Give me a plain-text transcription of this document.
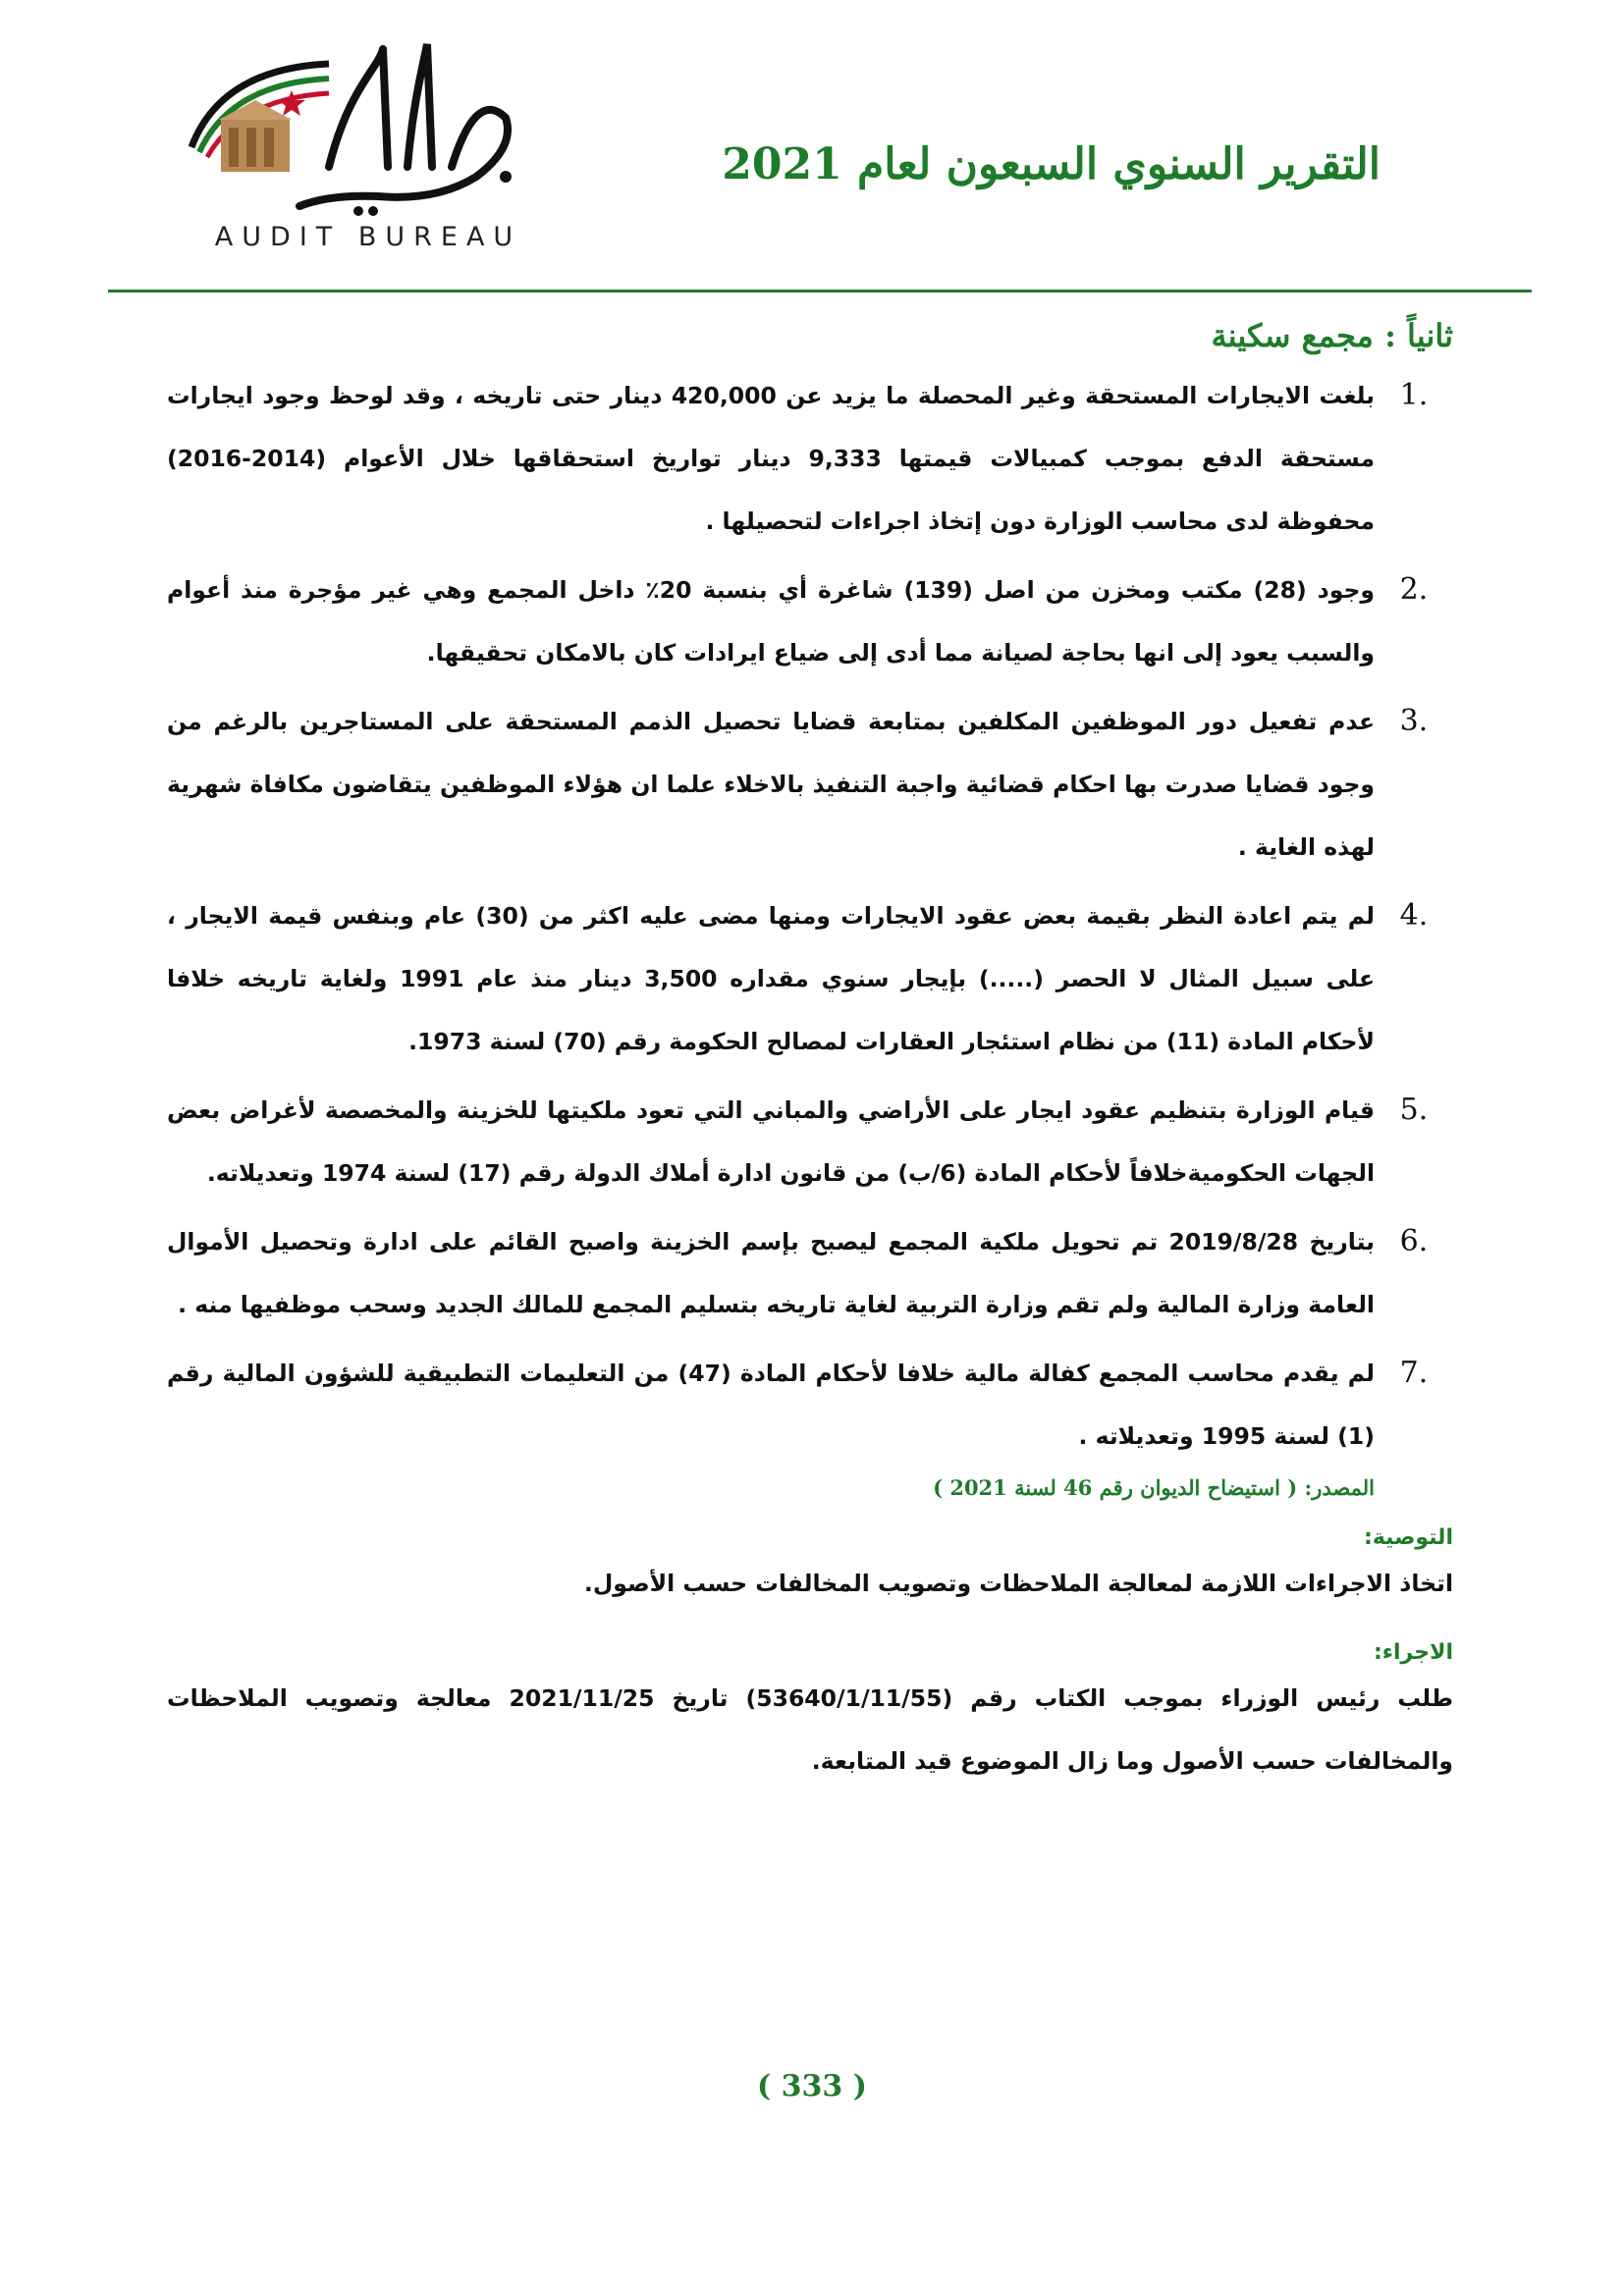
AUDIT BUREAU
التقرير السنوي السبعون لعام 2021
ثانياً : مجمع سكينة
.1
بلغت الايجارات المستحقة وغير المحصلة ما يزيد عن 420,000 دينار حتى تاريخه ، وقد لوحظ وجود ايجارات مستحقة الدفع بموجب كمبيالات قيمتها 9,333 دينار تواريخ استحقاقها خلال الأعوام (2014-2016) محفوظة لدى محاسب الوزارة دون إتخاذ اجراءات لتحصيلها .
.2
وجود (28) مكتب ومخزن من اصل (139) شاغرة أي بنسبة 20٪ داخل المجمع وهي غير مؤجرة منذ أعوام والسبب يعود إلى انها بحاجة لصيانة مما أدى إلى ضياع ايرادات كان بالامكان تحقيقها.
.3
عدم تفعيل دور الموظفين المكلفين بمتابعة قضايا تحصيل الذمم المستحقة على المستاجرين بالرغم من وجود قضايا صدرت بها احكام قضائية واجبة التنفيذ بالاخلاء علما ان هؤلاء الموظفين يتقاضون مكافاة شهرية لهذه الغاية .
.4
لم يتم اعادة النظر بقيمة بعض عقود الايجارات ومنها مضى عليه اكثر من (30) عام وبنفس قيمة الايجار ، على سبيل المثال لا الحصر (.....) بإيجار سنوي مقداره 3,500 دينار منذ عام 1991 ولغاية تاريخه خلافا لأحكام المادة (11) من نظام استئجار العقارات لمصالح الحكومة رقم (70) لسنة 1973.
.5
قيام الوزارة بتنظيم عقود ايجار على الأراضي والمباني التي تعود ملكيتها للخزينة والمخصصة لأغراض بعض الجهات الحكوميةخلافاً لأحكام المادة (6/ب) من قانون ادارة أملاك الدولة رقم (17) لسنة 1974 وتعديلاته.
.6
بتاريخ 2019/8/28 تم تحويل ملكية المجمع ليصبح بإسم الخزينة واصبح القائم على ادارة وتحصيل الأموال العامة وزارة المالية ولم تقم وزارة التربية لغاية تاريخه بتسليم المجمع للمالك الجديد وسحب موظفيها منه .
.7
لم يقدم محاسب المجمع كفالة مالية خلافا لأحكام المادة (47) من التعليمات التطبيقية للشؤون المالية رقم (1) لسنة 1995 وتعديلاته .
المصدر: ( استيضاح الديوان رقم 46 لسنة 2021 )
التوصية:
اتخاذ الاجراءات اللازمة لمعالجة الملاحظات وتصويب المخالفات حسب الأصول.
الاجراء:
طلب رئيس الوزراء بموجب الكتاب رقم (53640/1/11/55) تاريخ 2021/11/25 معالجة وتصويب الملاحظات والمخالفات حسب الأصول وما زال الموضوع قيد المتابعة.
( 333 )
